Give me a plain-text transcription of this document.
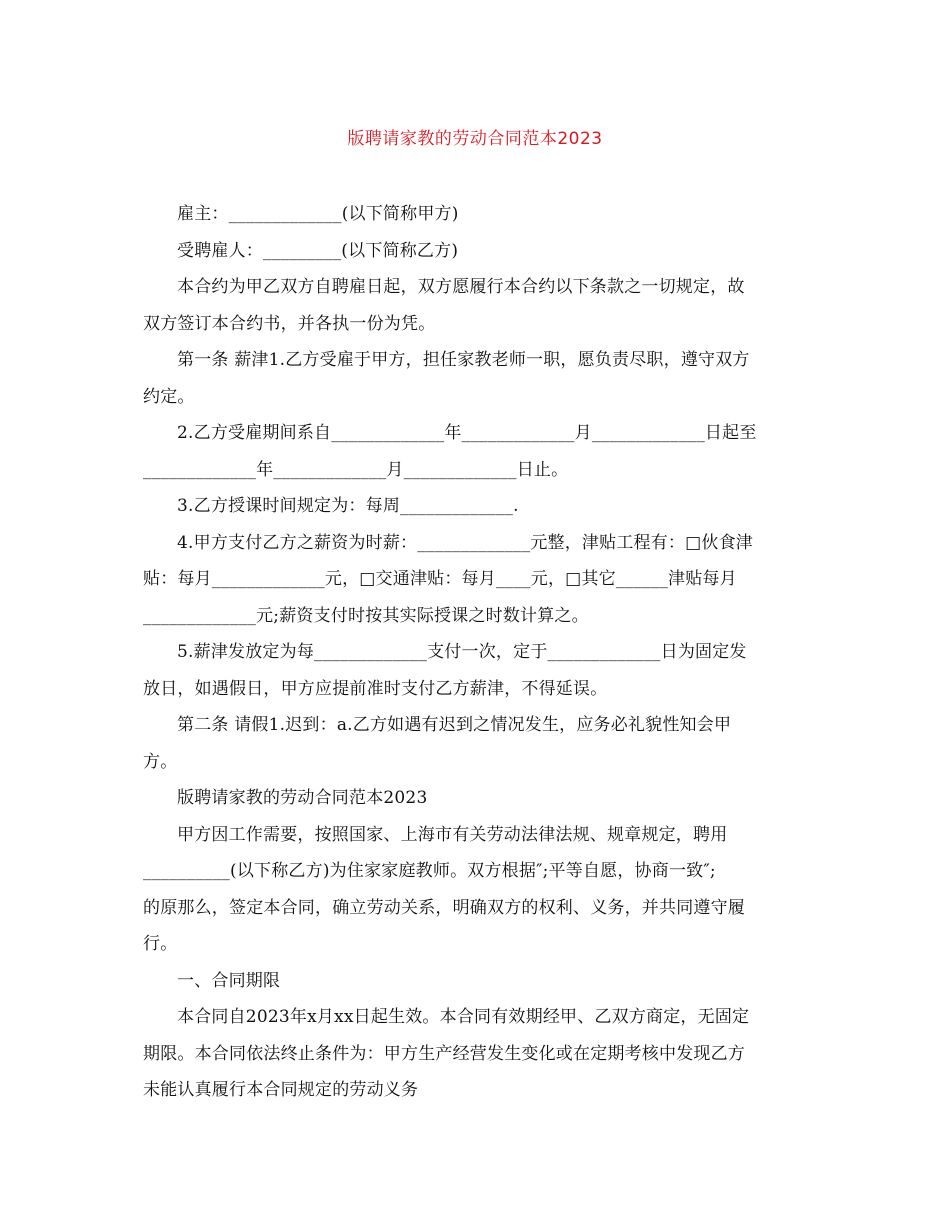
版聘请家教的劳动合同范本2023
雇主：_____________(以下简称甲方)
受聘雇人：_________(以下简称乙方)
本合约为甲乙双方自聘雇日起，双方愿履行本合约以下条款之一切规定，故
双方签订本合约书，并各执一份为凭。
第一条 薪津1.乙方受雇于甲方，担任家教老师一职，愿负责尽职，遵守双方
约定。
2.乙方受雇期间系自_____________年_____________月_____________日起至
_____________年_____________月_____________日止。
3.乙方授课时间规定为：每周_____________.
4.甲方支付乙方之薪资为时薪：_____________元整，津贴工程有：□伙食津
贴：每月_____________元，□交通津贴：每月____元，□其它______津贴每月
_____________元;薪资支付时按其实际授课之时数计算之。
5.薪津发放定为每_____________支付一次，定于_____________日为固定发
放日，如遇假日，甲方应提前准时支付乙方薪津，不得延误。
第二条 请假1.迟到：a.乙方如遇有迟到之情况发生，应务必礼貌性知会甲
方。
版聘请家教的劳动合同范本2023
甲方因工作需要，按照国家、上海市有关劳动法律法规、规章规定，聘用
__________(以下称乙方)为住家家庭教师。双方根据″;平等自愿，协商一致″;
的原那么，签定本合同，确立劳动关系，明确双方的权利、义务，并共同遵守履
行。
一、合同期限
本合同自2023年x月xx日起生效。本合同有效期经甲、乙双方商定，无固定
期限。本合同依法终止条件为：甲方生产经营发生变化或在定期考核中发现乙方
未能认真履行本合同规定的劳动义务
